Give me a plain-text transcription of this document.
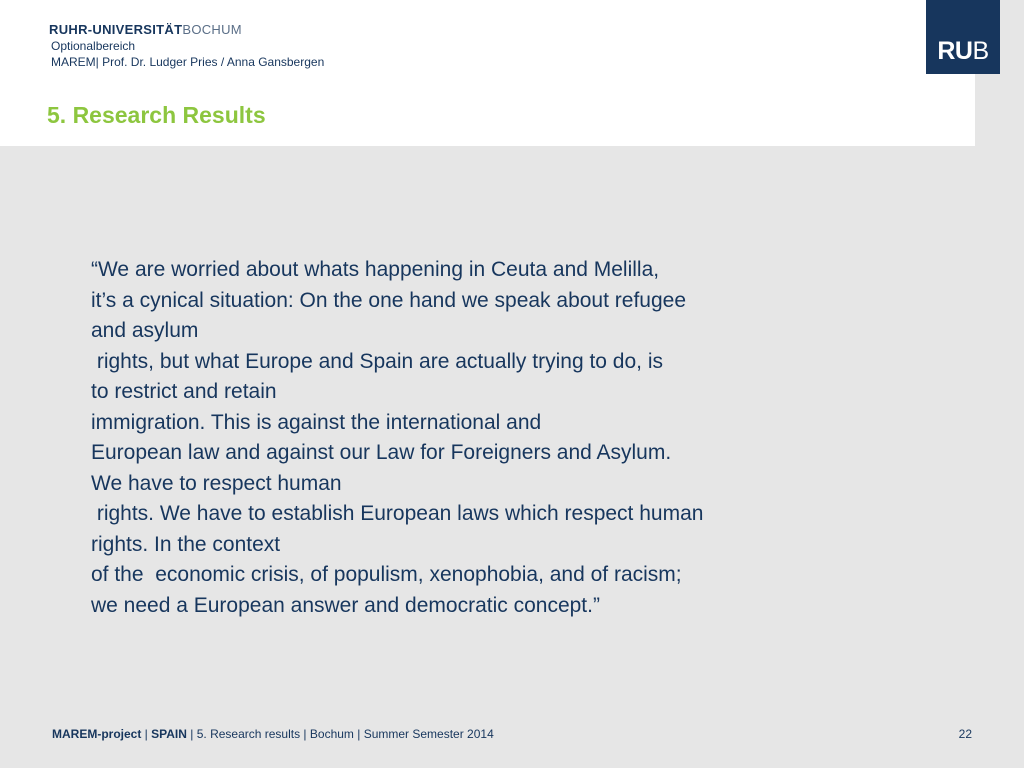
RUHR-UNIVERSITÄTBOCHUM
Optionalbereich
MAREM| Prof. Dr. Ludger Pries / Anna Gansbergen
5. Research Results
RUB
“We are worried about whats happening in Ceuta and Melilla,
it’s a cynical situation: On the one hand we speak about refugee
and asylum
rights, but what Europe and Spain are actually trying to do, is
to restrict and retain
immigration. This is against the international and
European law and against our Law for Foreigners and Asylum.
We have to respect human
rights. We have to establish European laws which respect human
rights. In the context
of the  economic crisis, of populism, xenophobia, and of racism;
we need a European answer and democratic concept.”
MAREM-project | SPAIN | 5. Research results | Bochum | Summer Semester 2014	22
